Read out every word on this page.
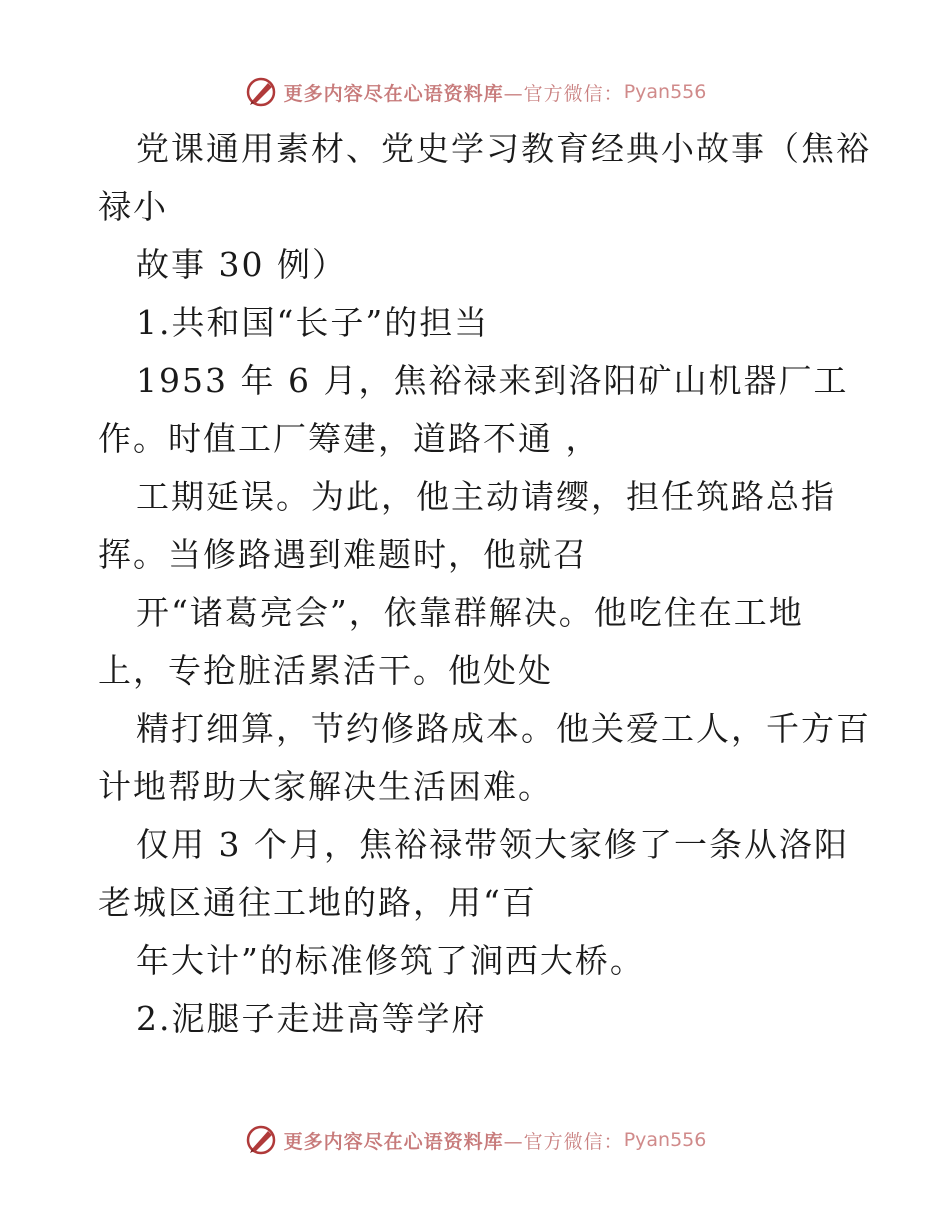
更多内容尽在心语资料库 —官方微信： Pyan556
党课通用素材、党史学习教育经典小故事（焦裕
禄小
故事 30 例）
1.共和国“长子”的担当
1953 年 6 月，焦裕禄来到洛阳矿山机器厂工
作。时值工厂筹建，道路不通 ，
工期延误。为此，他主动请缨，担任筑路总指
挥。当修路遇到难题时，他就召
开“诸葛亮会”，依靠群解决。他吃住在工地
上，专抢脏活累活干。他处处
精打细算，节约修路成本。他关爱工人，千方百
计地帮助大家解决生活困难。
仅用 3 个月，焦裕禄带领大家修了一条从洛阳
老城区通往工地的路，用“百
年大计”的标准修筑了涧西大桥。
2.泥腿子走进高等学府
更多内容尽在心语资料库 —官方微信： Pyan556
